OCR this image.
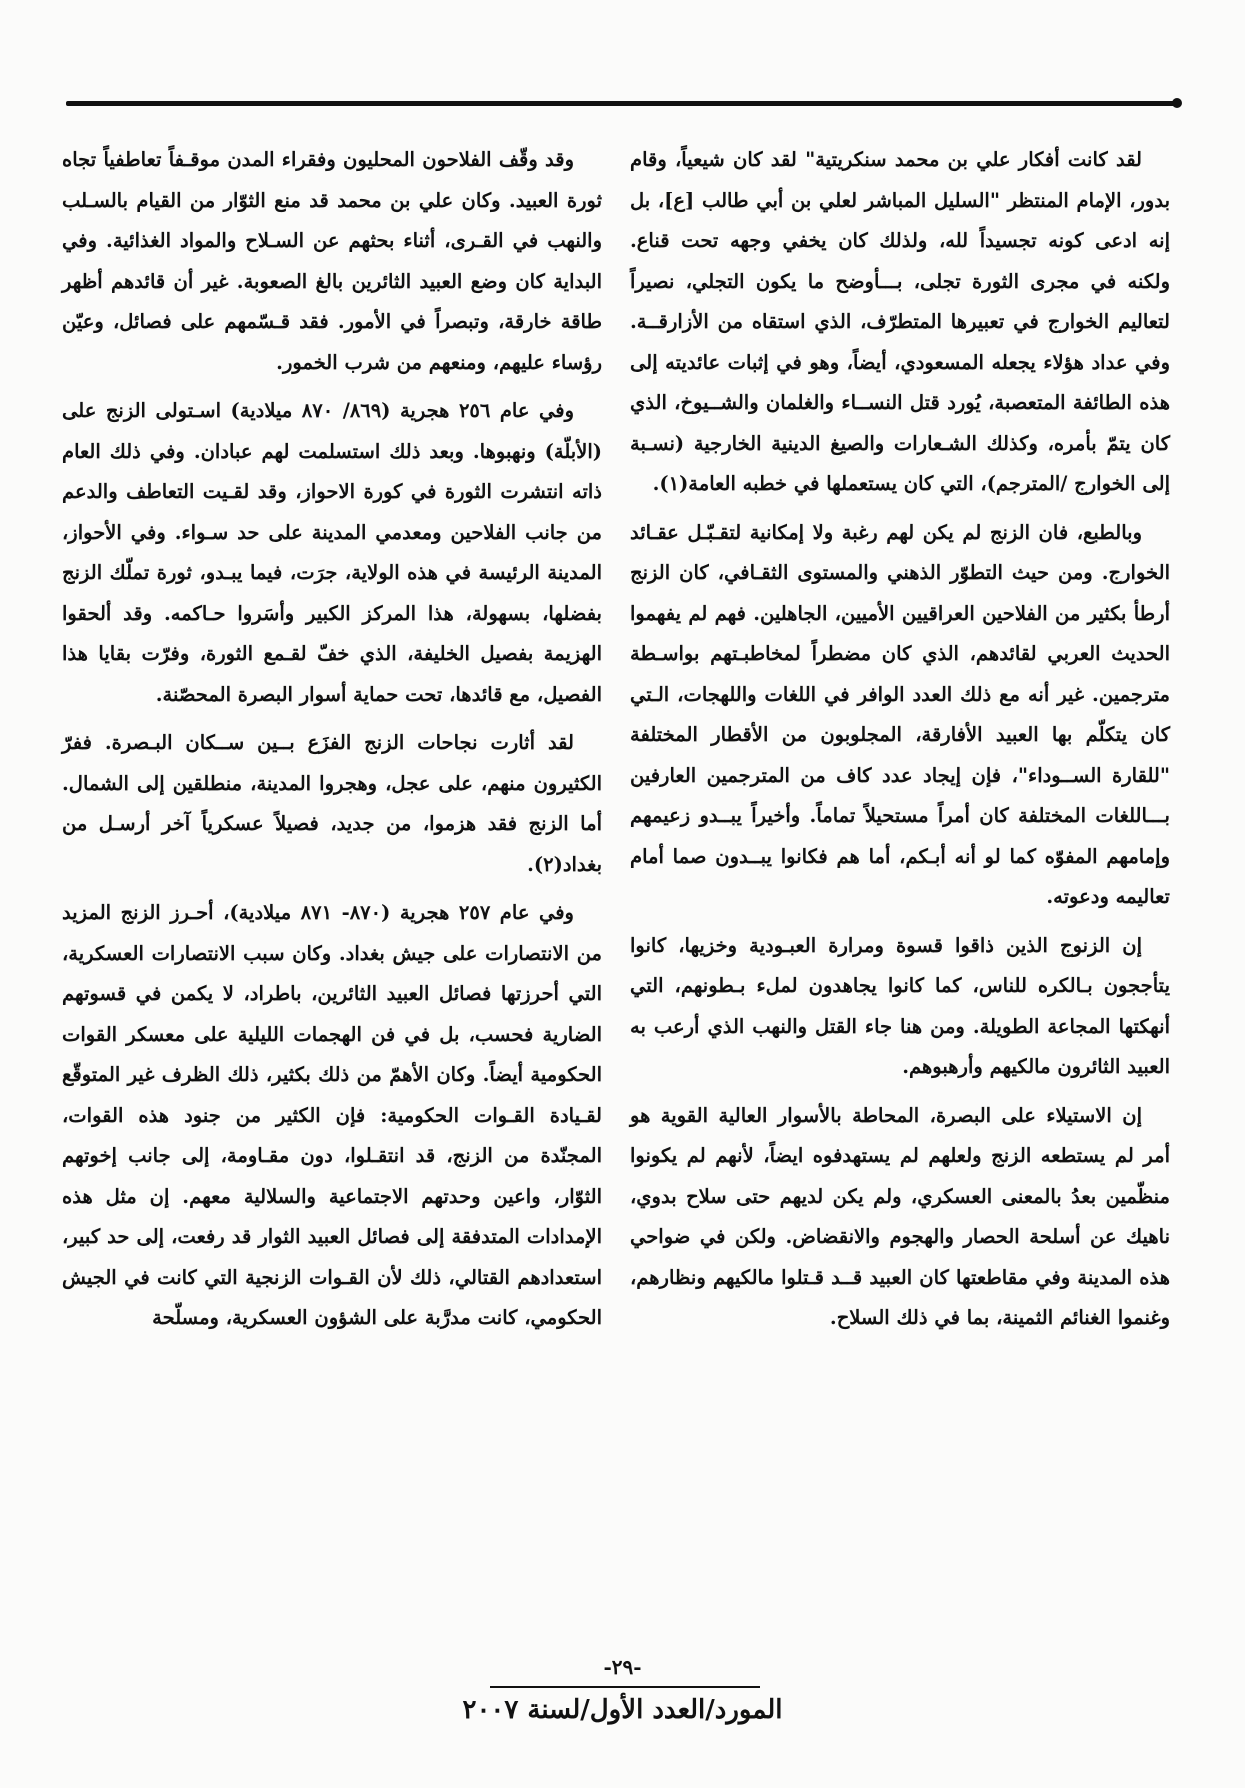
لقد كانت أفكار علي بن محمد سنكريتية" لقد كان شيعياً، وقام بدور، الإمام المنتظر "السليل المباشر لعلي بن أبي طالب [ع]، بل إنه ادعى كونه تجسيداً لله، ولذلك كان يخفي وجهه تحت قناع. ولكنه في مجرى الثورة تجلى، بـــأوضح ما يكون التجلي، نصيراً لتعاليم الخوارج في تعبيرها المتطرّف، الذي استقاه من الأزارقــة. وفي عداد هؤلاء يجعله المسعودي، أيضاً، وهو في إثبات عائديته إلى هذه الطائفة المتعصبة، يُورد قتل النســاء والغلمان والشــيوخ، الذي كان يتمّ بأمره، وكذلك الشـعارات والصيغ الدينية الخارجية (نسـبة إلى الخوارج /المترجم)، التي كان يستعملها في خطبه العامة(١).

وبالطبع، فان الزنج لم يكن لهم رغبة ولا إمكانية لتقـبّـل عقـائد الخوارج. ومن حيث التطوّر الذهني والمستوى الثقـافي، كان الزنج أرطأ بكثير من الفلاحين العراقيين الأميين، الجاهلين. فهم لم يفهموا الحديث العربي لقائدهم، الذي كان مضطراً لمخاطبـتهم بواسـطة مترجمين. غير أنه مع ذلك العدد الوافر في اللغات واللهجات، الـتي كان يتكلّم بها العبيد الأفارقة، المجلوبون من الأقطار المختلفة "للقارة الســوداء"، فإن إيجاد عدد كاف من المترجمين العارفين بـــاللغات المختلفة كان أمراً مستحيلاً تماماً. وأخيراً يبــدو زعيمهم وإمامهم المفوّه كما لو أنه أبـكم، أما هم فكانوا يبــدون صما أمام تعاليمه ودعوته.

إن الزنوج الذين ذاقوا قسوة ومرارة العبـودية وخزيها، كانوا يتأججون بـالكره للناس، كما كانوا يجاهدون لملء بـطونهم، التي أنهكتها المجاعة الطويلة. ومن هنا جاء القتل والنهب الذي أرعب به العبيد الثائرون مالكيهم وأرهبوهم.

إن الاستيلاء على البصرة، المحاطة بالأسوار العالية القوية هو أمر لم يستطعه الزنج ولعلهم لم يستهدفوه ايضاً، لأنهم لم يكونوا منظّمين بعدُ بالمعنى العسكري، ولم يكن لديهم حتى سلاح بدوي، ناهيك عن أسلحة الحصار والهجوم والانقضاض. ولكن في ضواحي هذه المدينة وفي مقاطعتها كان العبيد قــد قـتلوا مالكيهم ونظارهم، وغنموا الغنائم الثمينة، بما في ذلك السلاح.

وقد وقّف الفلاحون المحليون وفقراء المدن موقـفاً تعاطفياً تجاه ثورة العبيد. وكان علي بن محمد قد منع الثوّار من القيام بالسـلب والنهب في القـرى، أثناء بحثهم عن السـلاح والمواد الغذائية. وفي البداية كان وضع العبيد الثائرين بالغ الصعوبة. غير أن قائدهم أظهر طاقة خارقة، وتبصراً في الأمور. فقد قـسّمهم على فصائل، وعيّن رؤساء عليهم، ومنعهم من شرب الخمور.

وفي عام ٢٥٦ هجرية (٨٦٩/ ٨٧٠ ميلادية) اسـتولى الزنج على (الأبلّة) ونهبوها. وبعد ذلك استسلمت لهم عبادان. وفي ذلك العام ذاته انتشرت الثورة في كورة الاحواز، وقد لقـيت التعاطف والدعم من جانب الفلاحين ومعدمي المدينة على حد سـواء. وفي الأحواز، المدينة الرئيسة في هذه الولاية، جرَت، فيما يبـدو، ثورة تملّك الزنج بفضلها، بسهولة، هذا المركز الكبير وأسَروا حـاكمه. وقد ألحقوا الهزيمة بفصيل الخليفة، الذي خفّ لقـمع الثورة، وفرّت بقايا هذا الفصيل، مع قائدها، تحت حماية أسوار البصرة المحصّنة.

لقد أثارت نجاحات الزنج الفزَع بــين ســكان البـصرة. ففرّ الكثيرون منهم، على عجل، وهجروا المدينة، منطلقين إلى الشمال. أما الزنج فقد هزموا، من جديد، فصيلاً عسكرياً آخر أرسـل من بغداد(٢).

وفي عام ٢٥٧ هجرية (٨٧٠- ٨٧١ ميلادية)، أحـرز الزنج المزيد من الانتصارات على جيش بغداد. وكان سبب الانتصارات العسكرية، التي أحرزتها فصائل العبيد الثائرين، باطراد، لا يكمن في قسوتهم الضارية فحسب، بل في فن الهجمات الليلية على معسكر القوات الحكومية أيضاً. وكان الأهمّ من ذلك بكثير، ذلك الظرف غير المتوقّع لقـيادة القـوات الحكومية: فإن الكثير من جنود هذه القوات، المجنّدة من الزنج، قد انتقـلوا، دون مقـاومة، إلى جانب إخوتهم الثوّار، واعين وحدتهم الاجتماعية والسلالية معهم. إن مثل هذه الإمدادات المتدفقة إلى فصائل العبيد الثوار قد رفعت، إلى حد كبير، استعدادهم القتالي، ذلك لأن القـوات الزنجية التي كانت في الجيش الحكومي، كانت مدرَّبة على الشؤون العسكرية، ومسلّحة

-٢٩-
المورد/العدد الأول/لسنة ٢٠٠٧
